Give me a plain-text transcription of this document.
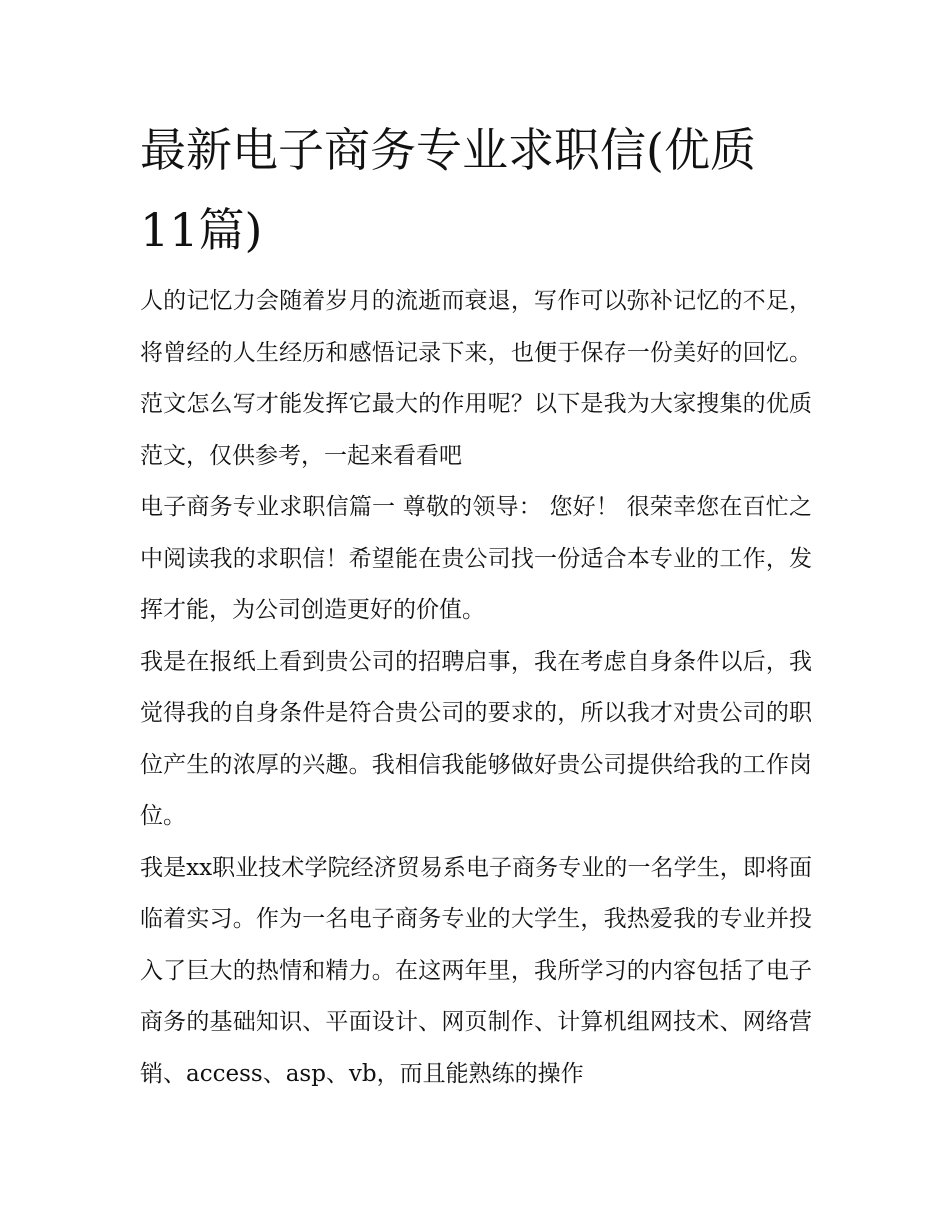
最新电子商务专业求职信(优质11篇)

人的记忆力会随着岁月的流逝而衰退，写作可以弥补记忆的不足，将曾经的人生经历和感悟记录下来，也便于保存一份美好的回忆。范文怎么写才能发挥它最大的作用呢？以下是我为大家搜集的优质范文，仅供参考，一起来看看吧

电子商务专业求职信篇一 尊敬的领导： 您好！ 很荣幸您在百忙之中阅读我的求职信！希望能在贵公司找一份适合本专业的工作，发挥才能，为公司创造更好的价值。

我是在报纸上看到贵公司的招聘启事，我在考虑自身条件以后，我觉得我的自身条件是符合贵公司的要求的，所以我才对贵公司的职位产生的浓厚的兴趣。我相信我能够做好贵公司提供给我的工作岗位。

我是xx职业技术学院经济贸易系电子商务专业的一名学生，即将面临着实习。作为一名电子商务专业的大学生，我热爱我的专业并投入了巨大的热情和精力。在这两年里，我所学习的内容包括了电子商务的基础知识、平面设计、网页制作、计算机组网技术、网络营销、access、asp、vb，而且能熟练的操作
